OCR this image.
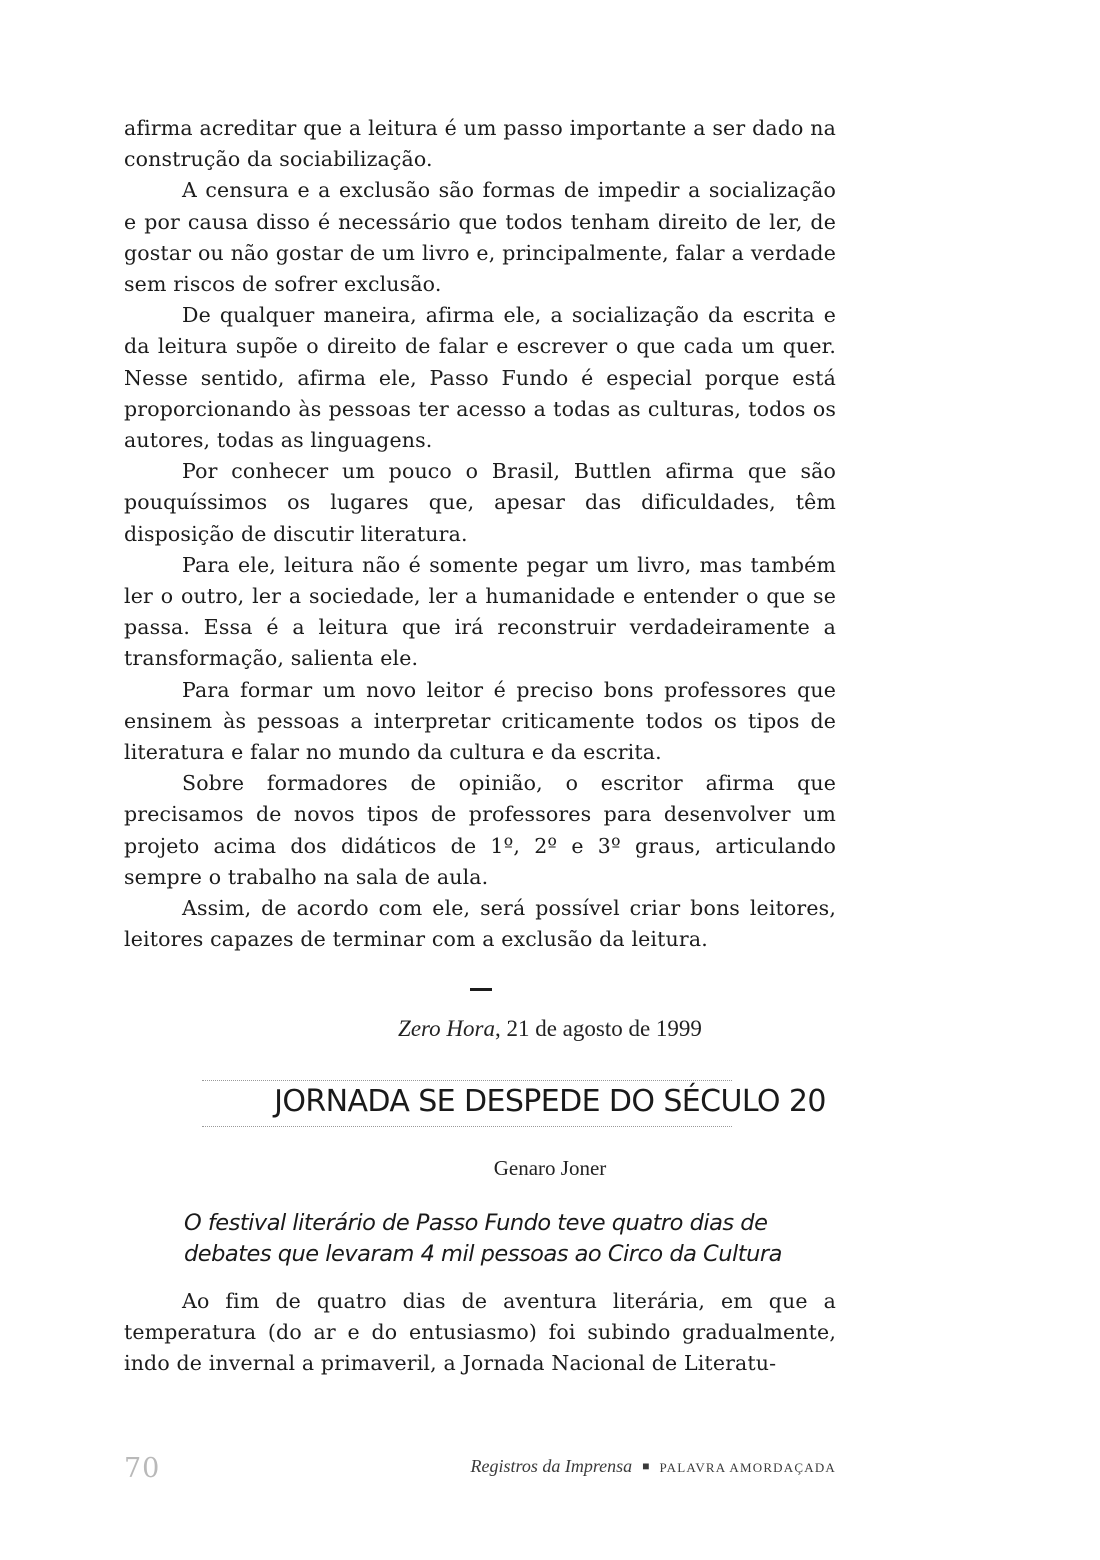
afirma acreditar que a leitura é um passo importante a ser dado na construção da sociabilização.

A censura e a exclusão são formas de impedir a socialização e por causa disso é necessário que todos tenham direito de ler, de gostar ou não gostar de um livro e, principalmente, falar a verdade sem riscos de sofrer exclusão.

De qualquer maneira, afirma ele, a socialização da escrita e da leitura supõe o direito de falar e escrever o que cada um quer. Nesse sentido, afirma ele, Passo Fundo é especial porque está proporcionando às pessoas ter acesso a todas as culturas, todos os autores, todas as linguagens.

Por conhecer um pouco o Brasil, Buttlen afirma que são pouquíssimos os lugares que, apesar das dificuldades, têm disposição de discutir literatura.

Para ele, leitura não é somente pegar um livro, mas também ler o outro, ler a sociedade, ler a humanidade e entender o que se passa. Essa é a leitura que irá reconstruir verdadeiramente a transformação, salienta ele.

Para formar um novo leitor é preciso bons professores que ensinem às pessoas a interpretar criticamente todos os tipos de literatura e falar no mundo da cultura e da escrita.

Sobre formadores de opinião, o escritor afirma que precisamos de novos tipos de professores para desenvolver um projeto acima dos didáticos de 1º, 2º e 3º graus, articulando sempre o trabalho na sala de aula.

Assim, de acordo com ele, será possível criar bons leitores, leitores capazes de terminar com a exclusão da leitura.

Zero Hora, 21 de agosto de 1999
JORNADA SE DESPEDE DO SÉCULO 20
Genaro Joner
O festival literário de Passo Fundo teve quatro dias de debates que levaram 4 mil pessoas ao Circo da Cultura

Ao fim de quatro dias de aventura literária, em que a temperatura (do ar e do entusiasmo) foi subindo gradualmente, indo de invernal a primaveril, a Jornada Nacional de Literatu-

70	Registros da Imprensa ■ PALAVRA AMORDAÇADA
